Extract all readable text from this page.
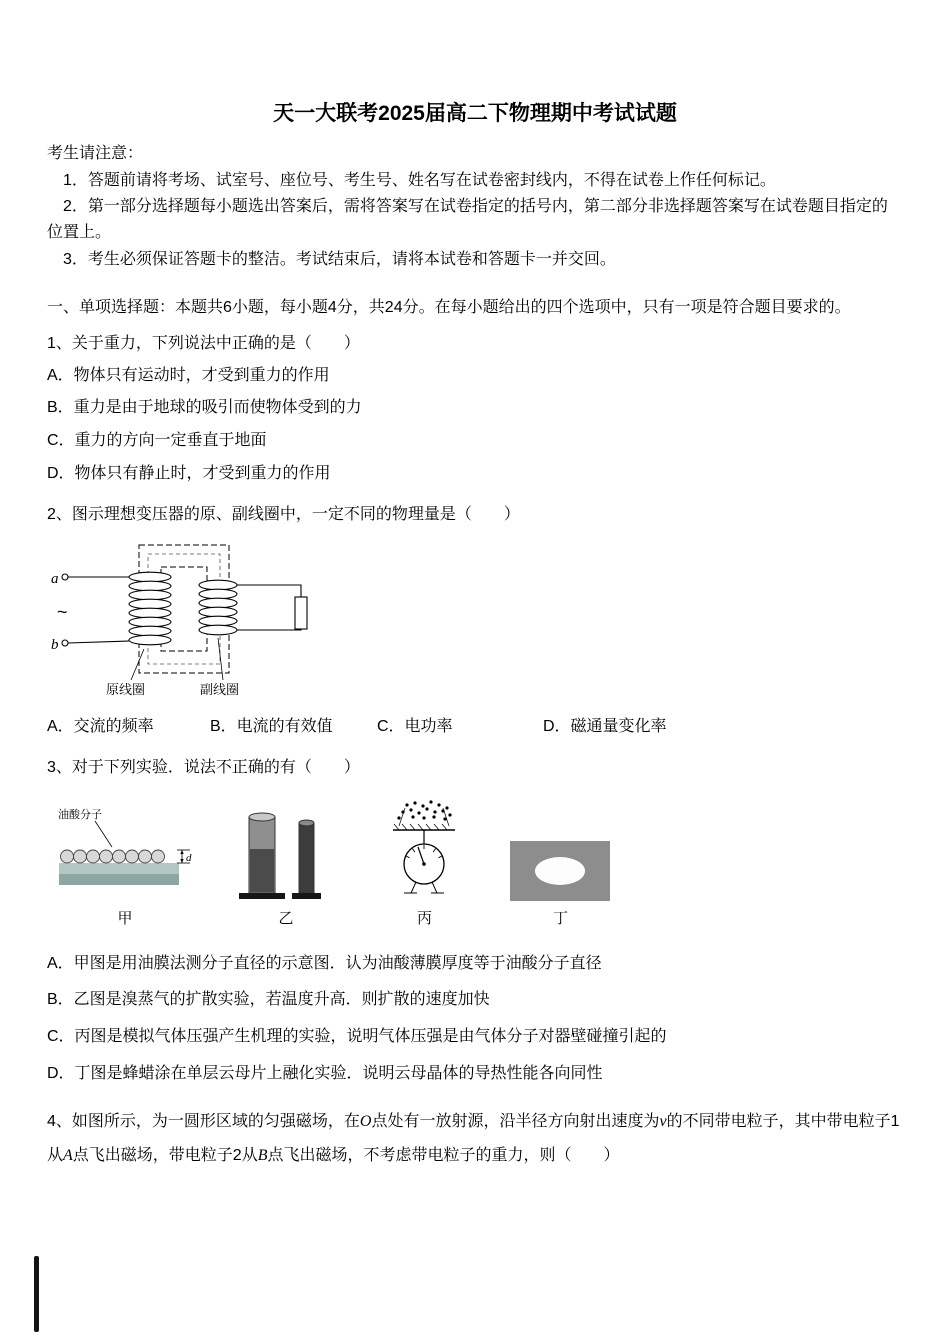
天一大联考2025届高二下物理期中考试试题
考生请注意：
1．答题前请将考场、试室号、座位号、考生号、姓名写在试卷密封线内，不得在试卷上作任何标记。
2．第一部分选择题每小题选出答案后，需将答案写在试卷指定的括号内，第二部分非选择题答案写在试卷题目指定的位置上。
3．考生必须保证答题卡的整洁。考试结束后，请将本试卷和答题卡一并交回。
一、单项选择题：本题共6小题，每小题4分，共24分。在每小题给出的四个选项中，只有一项是符合题目要求的。
1、关于重力，下列说法中正确的是（　　）
A．物体只有运动时，才受到重力的作用
B．重力是由于地球的吸引而使物体受到的力
C．重力的方向一定垂直于地面
D．物体只有静止时，才受到重力的作用
2、图示理想变压器的原、副线圈中，一定不同的物理量是（　　）
a
~
b
原线圈	副线圈
A．交流的频率	B．电流的有效值	C．电功率	D．磁通量变化率
3、对于下列实验．说法不正确的有（　　）
油酸分子
d
甲	乙	丙	丁
A．甲图是用油膜法测分子直径的示意图．认为油酸薄膜厚度等于油酸分子直径
B．乙图是溴蒸气的扩散实验，若温度升高．则扩散的速度加快
C．丙图是模拟气体压强产生机理的实验，说明气体压强是由气体分子对器壁碰撞引起的
D．丁图是蜂蜡涂在单层云母片上融化实验．说明云母晶体的导热性能各向同性
4、如图所示，为一圆形区域的匀强磁场，在O点处有一放射源，沿半径方向射出速度为v的不同带电粒子，其中带电粒子1从A点飞出磁场，带电粒子2从B点飞出磁场，不考虑带电粒子的重力，则（　　）
